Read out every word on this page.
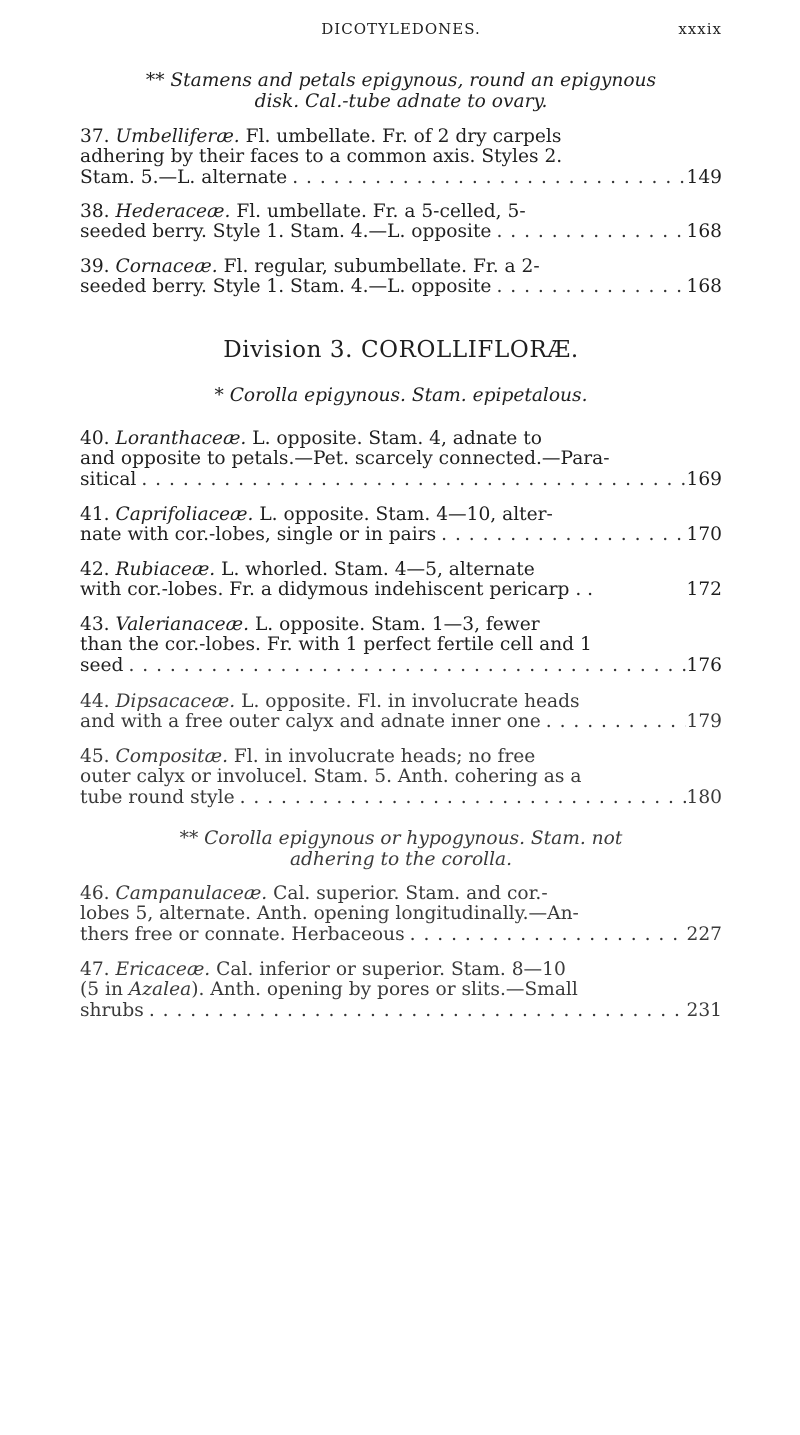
DICOTYLEDONES.	xxxix
** Stamens and petals epigynous, round an epigynous
disk. Cal.-tube adnate to ovary.
37. Umbelliferæ. Fl. umbellate. Fr. of 2 dry carpels
adhering by their faces to a common axis. Styles 2.
Stam. 5.—L. alternate . . .	149
38. Hederaceæ. Fl. umbellate. Fr. a 5-celled, 5-
seeded berry. Style 1. Stam. 4.—L. opposite . . .	168
39. Cornaceæ. Fl. regular, subumbellate. Fr. a 2-
seeded berry. Style 1. Stam. 4.—L. opposite . . .	168
Division 3. COROLLIFLORÆ.
* Corolla epigynous. Stam. epipetalous.
40. Loranthaceæ. L. opposite. Stam. 4, adnate to
and opposite to petals.—Pet. scarcely connected.—Para-
sitical . . .	169
41. Caprifoliaceæ. L. opposite. Stam. 4—10, alter-
nate with cor.-lobes, single or in pairs . . .	170
42. Rubiaceæ. L. whorled. Stam. 4—5, alternate
with cor.-lobes. Fr. a didymous indehiscent pericarp . .	172
43. Valerianaceæ. L. opposite. Stam. 1—3, fewer
than the cor.-lobes. Fr. with 1 perfect fertile cell and 1
seed . . .	176
44. Dipsacaceæ. L. opposite. Fl. in involucrate heads
and with a free outer calyx and adnate inner one . . .	179
45. Compositæ. Fl. in involucrate heads; no free
outer calyx or involucel. Stam. 5. Anth. cohering as a
tube round style . . .	180
** Corolla epigynous or hypogynous. Stam. not
adhering to the corolla.
46. Campanulaceæ. Cal. superior. Stam. and cor.-
lobes 5, alternate. Anth. opening longitudinally.—An-
thers free or connate. Herbaceous . . .	227
47. Ericaceæ. Cal. inferior or superior. Stam. 8—10
(5 in Azalea). Anth. opening by pores or slits.—Small
shrubs . . .	231
